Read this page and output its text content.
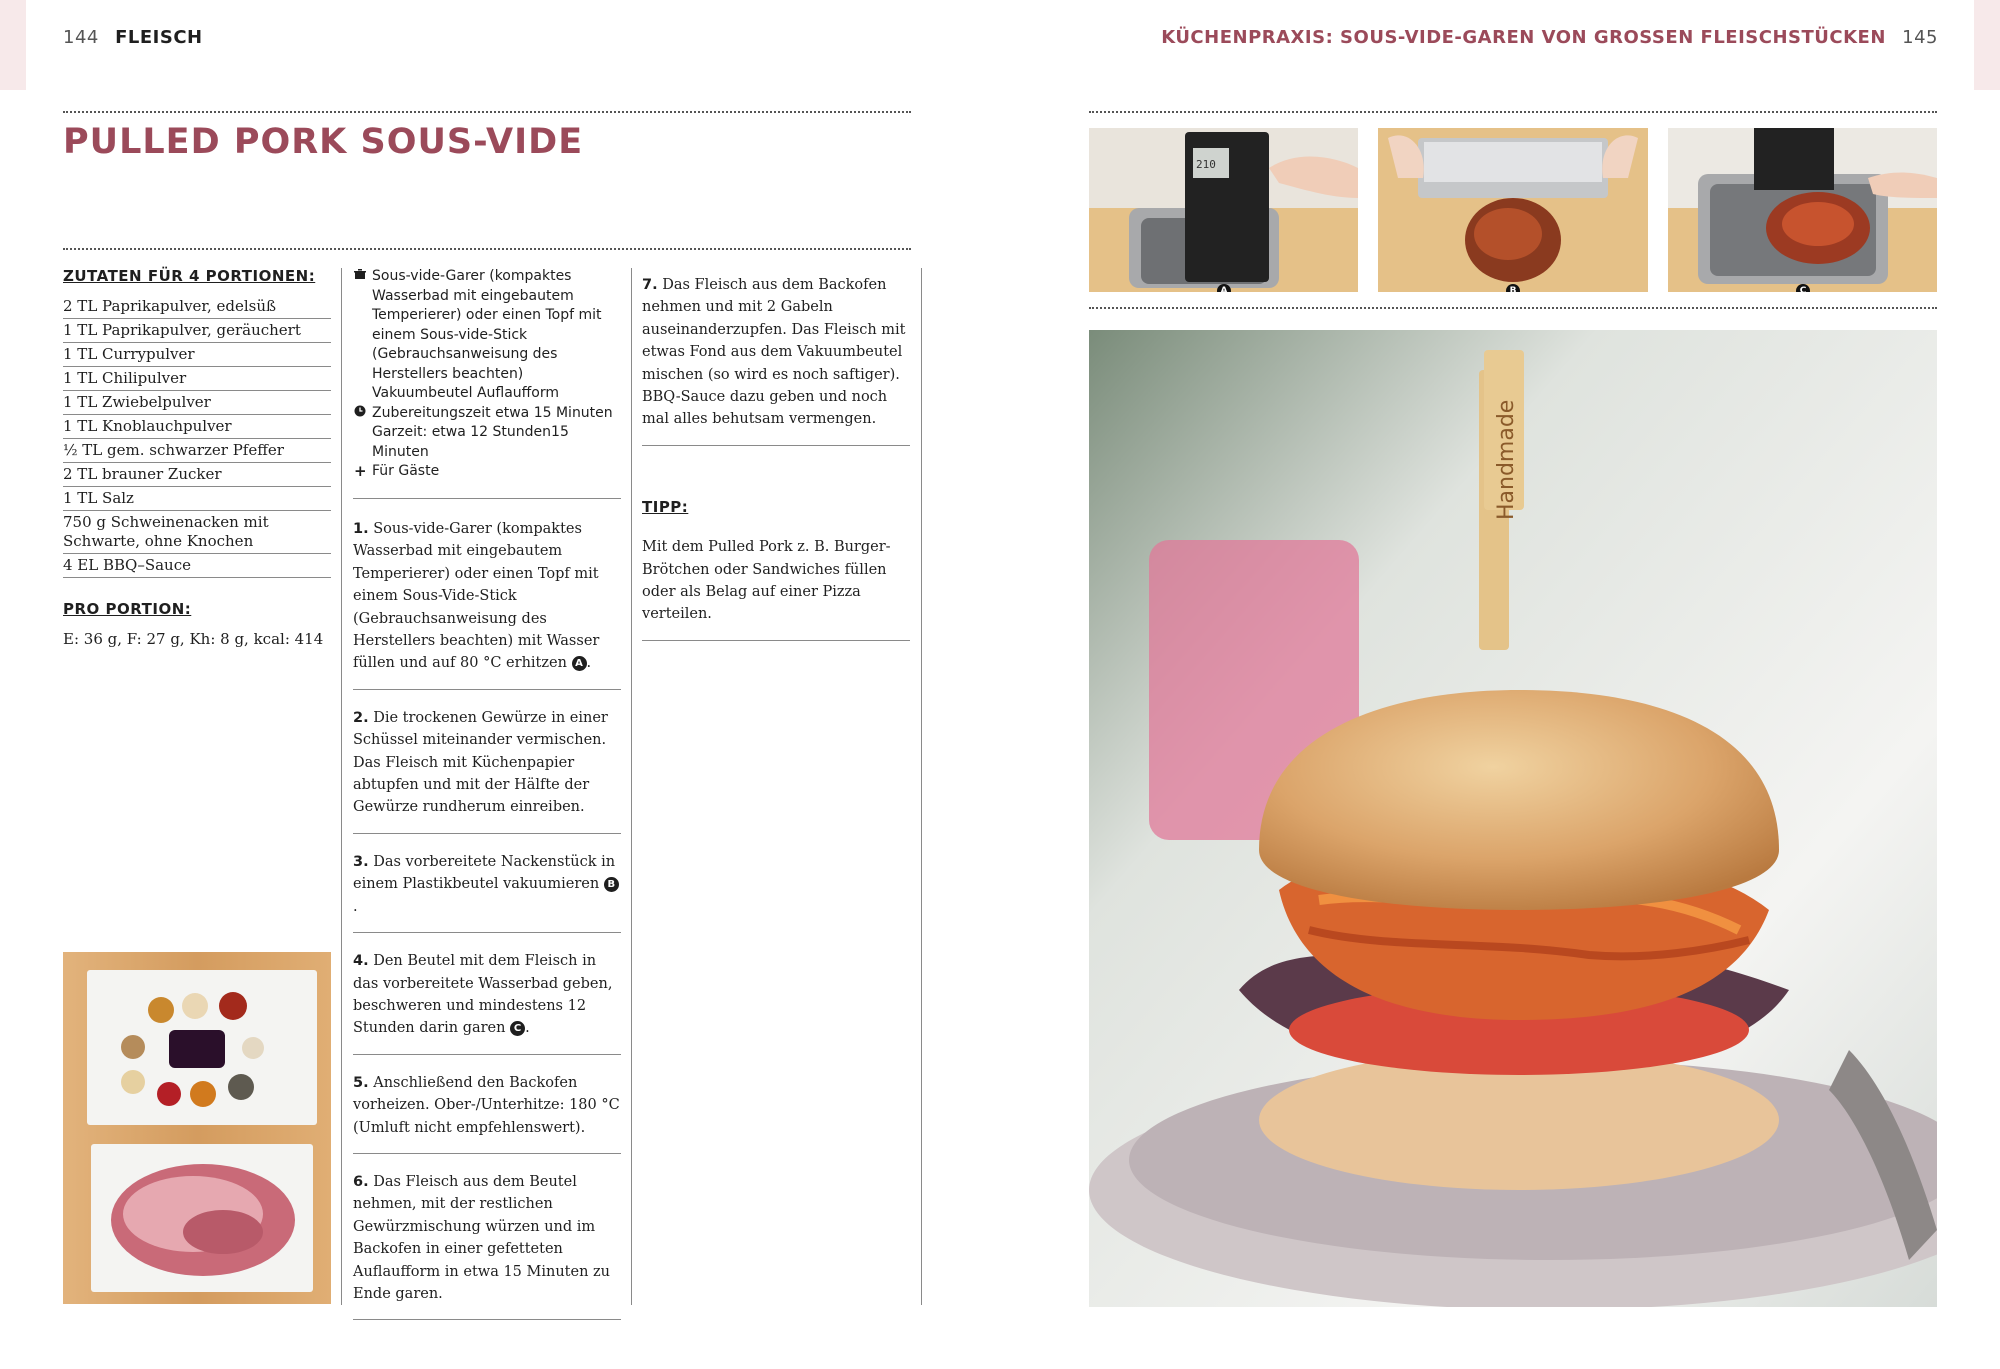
144 FLEISCH	KÜCHENPRAXIS: SOUS-VIDE-GAREN VON GROSSEN FLEISCHSTÜCKEN 145
PULLED PORK SOUS-VIDE
ZUTATEN FÜR 4 PORTIONEN:
2 TL Paprikapulver, edelsüß
1 TL Paprikapulver, geräuchert
1 TL Currypulver
1 TL Chilipulver
1 TL Zwiebelpulver
1 TL Knoblauchpulver
½ TL gem. schwarzer Pfeffer
2 TL brauner Zucker
1 TL Salz
750 g Schweinenacken mit Schwarte, ohne Knochen
4 EL BBQ–Sauce
PRO PORTION:

E: 36 g, F: 27 g, Kh: 8 g, kcal: 414

Sous-vide-Garer (kompaktes Wasserbad mit eingebautem Temperierer) oder einen Topf mit einem Sous-vide-Stick (Gebrauchsanweisung des Herstellers beachten) Vakuumbeutel Auflaufform
Zubereitungszeit etwa 15 Minuten Garzeit: etwa 12 Stunden15 Minuten
+ Für Gäste
1. Sous-vide-Garer (kompaktes Wasserbad mit eingebautem Temperierer) oder einen Topf mit einem Sous-Vide-Stick (Gebrauchsanweisung des Herstellers beachten) mit Wasser füllen und auf 80 °C erhitzen A .
2. Die trockenen Gewürze in einer Schüssel miteinander vermischen. Das Fleisch mit Küchenpapier abtupfen und mit der Hälfte der Gewürze rundherum einreiben.
3. Das vorbereitete Nackenstück in einem Plastikbeutel vakuumieren B.
4. Den Beutel mit dem Fleisch in das vorbereitete Wasserbad geben, beschweren und mindestens 12 Stunden darin garen C .
5. Anschließend den Backofen vorheizen. Ober-/Unterhitze: 180 °C (Umluft nicht empfehlenswert).
6. Das Fleisch aus dem Beutel nehmen, mit der restlichen Gewürzmischung würzen und im Backofen in einer gefetteten Auflaufform in etwa 15 Minuten zu Ende garen.
7. Das Fleisch aus dem Backofen nehmen und mit 2 Gabeln auseinanderzupfen. Das Fleisch mit etwas Fond aus dem Vakuumbeutel mischen (so wird es noch saftiger). BBQ-Sauce dazu geben und noch mal alles behutsam vermengen.
TIPP:
Mit dem Pulled Pork z. B. Burger-Brötchen oder Sandwiches füllen oder als Belag auf einer Pizza verteilen.
210
A	B	C
Handmade
